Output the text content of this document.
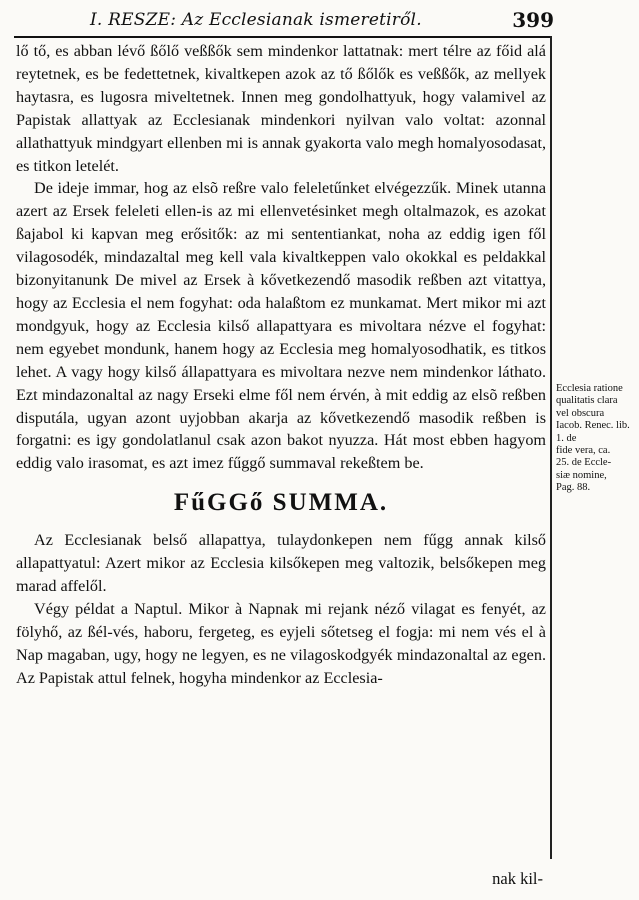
I. RESZE: Az Ecclesianak ismeretiről.	399

lő tő, es abban lévő ßőlő veßßők sem mindenkor lattatnak: mert télre az főid alá reytetnek, es be fedettetnek, kivaltkepen azok az tő ßőlők es veßßők, az mellyek haytasra, es lugosra miveltetnek. Innen meg gondolhattyuk, hogy valamivel az Papistak allattyak az Ecclesianak mindenkori nyilvan valo voltat: azonnal allathattyuk mindgyart ellenben mi is annak gyakorta valo megh homalyosodasat, es titkon letelét.

De ideje immar, hog az elsõ reßre valo feleletűnket elvégezzűk. Minek utanna azert az Ersek feleleti ellen-is az mi ellenvetésinket megh oltalmazok, es azokat ßajabol ki kapvan meg erősitők: az mi sententiankat, noha az eddig igen fől vilagosodék, mindazaltal meg kell vala kivaltkeppen valo okokkal es peldakkal bizonyitanunk De mivel az Ersek à kővetkezendő masodik reßben azt vitattya, hogy az Ecclesia el nem fogyhat: oda halaßtom ez munkamat. Mert mikor mi azt mondgyuk, hogy az Ecclesia kilső allapattyara es mivoltara nézve el fogyhat: nem egyebet mondunk, hanem hogy az Ecclesia meg homalyosodhatik, es titkos lehet. A vagy hogy kilső állapattyara es mivoltara nezve nem mindenkor láthato. Ezt mindazonaltal az nagy Erseki elme fől nem érvén, à mit eddig az elsõ reßben disputála, ugyan azont uyjobban akarja az kővetkezendő masodik reßben is forgatni: es igy gondolatlanul csak azon bakot nyuzza. Hát most ebben hagyom eddig valo irasomat, es azt imez fűggő summaval rekeßtem be.

FűGGő SUMMA.

Az Ecclesianak belső allapattya, tulaydonkepen nem fűgg annak kilső allapattyatul: Azert mikor az Ecclesia kilsőkepen meg valtozik, belsőkepen meg marad affelől.

Végy példat a Naptul. Mikor à Napnak mi rejank néző vilagat es fenyét, az fölyhő, az ßél-vés, haboru, fergeteg, es eyjeli sőtetseg el fogja: mi nem vés el à Nap magaban, ugy, hogy ne legyen, es ne vilagoskodgyék mindazonaltal az egen. Az Papistak attul felnek, hogyha mindenkor az Ecclesia-

Ecclesia ratione qualitatis clara
vel obscura
Iacob. Renec. lib. 1. de
fide vera, ca.
25. de Eccle-
siæ nomine,
Pag. 88.
nak kil-
